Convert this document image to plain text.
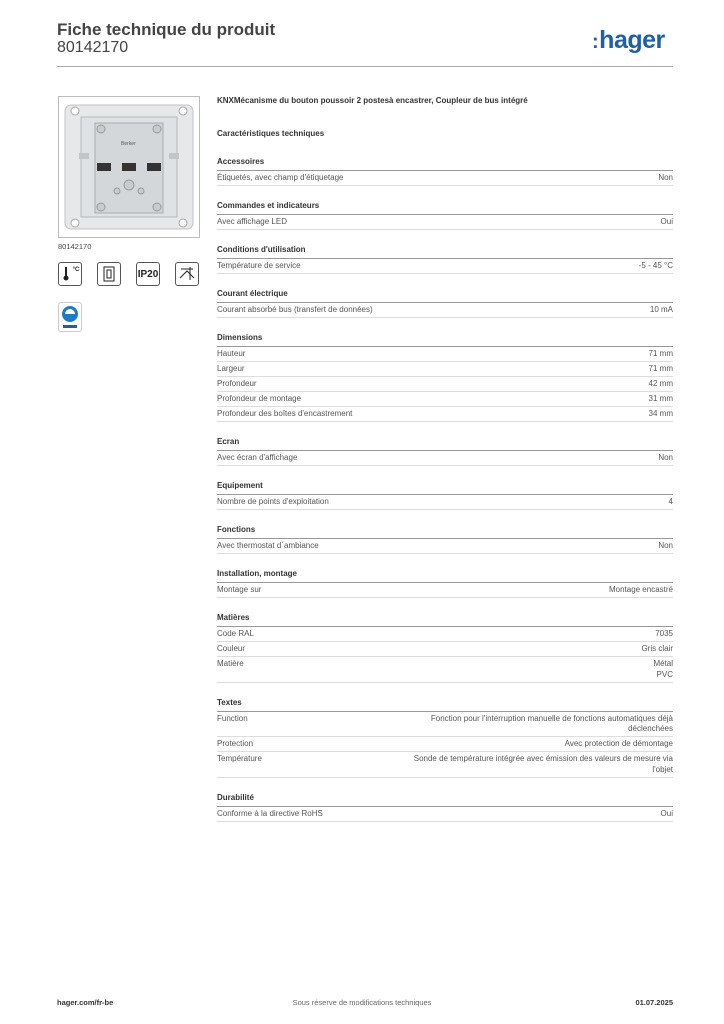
Fiche technique du produit
80142170	:hager
Berker
80142170
°C	IP20
KNXMécanisme du bouton poussoir 2 postesà encastrer, Coupleur de bus intégré
Caractéristiques techniques
Accessoires
Étiquetés, avec champ d'étiquetage	Non
Commandes et indicateurs
Avec affichage LED	Oui
Conditions d'utilisation
Température de service	-5 - 45 °C
Courant électrique
Courant absorbé bus (transfert de données)	10 mA
Dimensions
Hauteur	71 mm
Largeur	71 mm
Profondeur	42 mm
Profondeur de montage	31 mm
Profondeur des boîtes d'encastrement	34 mm
Ecran
Avec écran d'affichage	Non
Equipement
Nombre de points d'exploitation	4
Fonctions
Avec thermostat d´ambiance	Non
Installation, montage
Montage sur	Montage encastré
Matières
Code RAL	7035
Couleur	Gris clair
Matière	Métal
PVC
Textes
Function	Fonction pour l'interruption manuelle de fonctions automatiques déjà déclenchées
Protection	Avec protection de démontage
Température	Sonde de température intégrée avec émission des valeurs de mesure via l'objet
Durabilité
Conforme à la directive RoHS	Oui
hager.com/fr-be	Sous réserve de modifications techniques	01.07.2025
